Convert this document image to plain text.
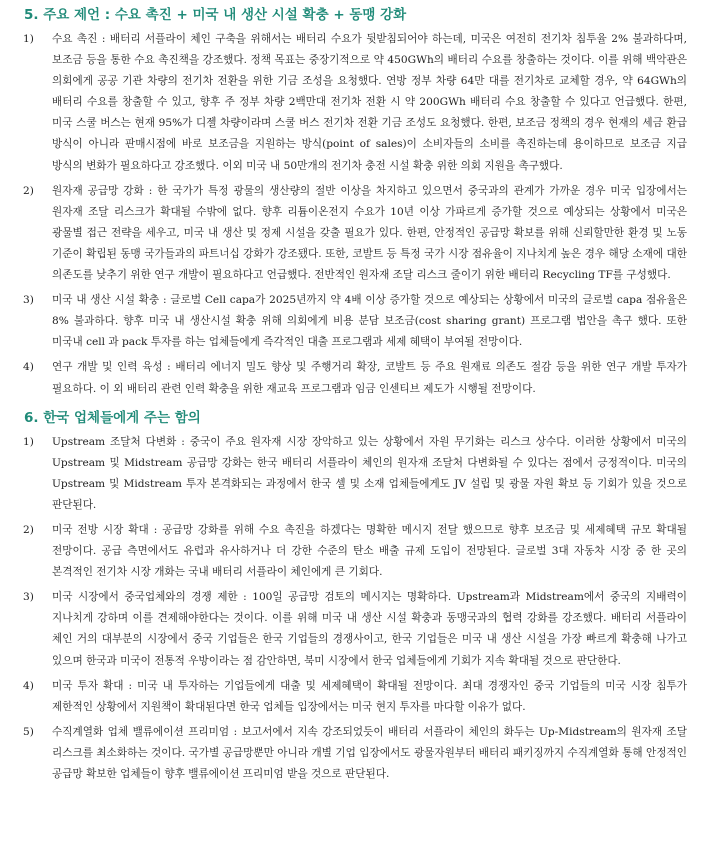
5. 주요 제언 : 수요 촉진 + 미국 내 생산 시설 확충 + 동맹 강화
1)	수요 촉진 : 배터리 서플라이 체인 구축을 위해서는 배터리 수요가 뒷받침되어야 하는데, 미국은 여전히 전기차 침투율 2% 불과하다며, 보조금 등을 통한 수요 촉진책을 강조했다. 정책 목표는 중장기적으로 약 450GWh의 배터리 수요를 창출하는 것이다. 이를 위해 백악관은 의회에게 공공 기관 차량의 전기차 전환을 위한 기금 조성을 요청했다. 연방 정부 차량 64만 대를 전기차로 교체할 경우, 약 64GWh의 배터리 수요를 창출할 수 있고, 향후 주 정부 차량 2백만대 전기차 전환 시 약 200GWh 배터리 수요 창출할 수 있다고 언급했다. 한편, 미국 스쿨 버스는 현재 95%가 디젤 차량이라며 스쿨 버스 전기차 전환 기금 조성도 요청했다. 한편, 보조금 정책의 경우 현재의 세금 환급 방식이 아니라 판매시점에 바로 보조금을 지원하는 방식(point of sales)이 소비자들의 소비를 촉진하는데 용이하므로 보조금 지급 방식의 변화가 필요하다고 강조했다. 이외 미국 내 50만개의 전기차 충전 시설 확충 위한 의회 지원을 촉구했다.
2)	원자재 공급망 강화 : 한 국가가 특정 광물의 생산량의 절반 이상을 차지하고 있으면서 중국과의 관계가 가까운 경우 미국 입장에서는 원자재 조달 리스크가 확대될 수밖에 없다. 향후 리튬이온전지 수요가 10년 이상 가파르게 증가할 것으로 예상되는 상황에서 미국은 광물별 접근 전략을 세우고, 미국 내 생산 및 정제 시설을 갖출 필요가 있다. 한편, 안정적인 공급망 확보를 위해 신뢰할만한 환경 및 노동 기준이 확립된 동맹 국가들과의 파트너십 강화가 강조됐다. 또한, 코발트 등 특정 국가 시장 점유율이 지나치게 높은 경우 해당 소재에 대한 의존도를 낮추기 위한 연구 개발이 필요하다고 언급했다. 전반적인 원자재 조달 리스크 줄이기 위한 배터리 Recycling TF를 구성했다.
3)	미국 내 생산 시설 확충 : 글로벌 Cell capa가 2025년까지 약 4배 이상 증가할 것으로 예상되는 상황에서 미국의 글로벌 capa 점유율은 8% 불과하다. 향후 미국 내 생산시설 확충 위해 의회에게 비용 분담 보조금(cost sharing grant) 프로그램 법안을 촉구 했다. 또한 미국내 cell 과 pack 투자를 하는 업체들에게 즉각적인 대출 프로그램과 세제 혜택이 부여될 전망이다.
4)	연구 개발 및 인력 육성 : 배터리 에너지 밀도 향상 및 주행거리 확장, 코발트 등 주요 원재료 의존도 절감 등을 위한 연구 개발 투자가 필요하다. 이 외 배터리 관련 인력 확충을 위한 재교육 프로그램과 임금 인센티브 제도가 시행될 전망이다.
6. 한국 업체들에게 주는 함의
1)	Upstream 조달처 다변화 : 중국이 주요 원자재 시장 장악하고 있는 상황에서 자원 무기화는 리스크 상수다. 이러한 상황에서 미국의 Upstream 및 Midstream 공급망 강화는 한국 배터리 서플라이 체인의 원자재 조달처 다변화될 수 있다는 점에서 긍정적이다. 미국의 Upstream 및 Midstream 투자 본격화되는 과정에서 한국 셀 및 소재 업체들에게도 JV 설립 및 광물 자원 확보 등 기회가 있을 것으로 판단된다.
2)	미국 전방 시장 확대 : 공급망 강화를 위해 수요 촉진을 하겠다는 명확한 메시지 전달 했으므로 향후 보조금 및 세제혜택 규모 확대될 전망이다. 공급 측면에서도 유럽과 유사하거나 더 강한 수준의 탄소 배출 규제 도입이 전망된다. 글로벌 3대 자동차 시장 중 한 곳의 본격적인 전기차 시장 개화는 국내 배터리 서플라이 체인에게 큰 기회다.
3)	미국 시장에서 중국업체와의 경쟁 제한 : 100일 공급망 검토의 메시지는 명확하다. Upstream과 Midstream에서 중국의 지배력이 지나치게 강하며 이를 견제해야한다는 것이다. 이를 위해 미국 내 생산 시설 확충과 동맹국과의 협력 강화를 강조했다. 배터리 서플라이 체인 거의 대부분의 시장에서 중국 기업들은 한국 기업들의 경쟁사이고, 한국 기업들은 미국 내 생산 시설을 가장 빠르게 확충해 나가고 있으며 한국과 미국이 전통적 우방이라는 점 감안하면, 북미 시장에서 한국 업체들에게 기회가 지속 확대될 것으로 판단한다.
4)	미국 투자 확대 : 미국 내 투자하는 기업들에게 대출 및 세제혜택이 확대될 전망이다. 최대 경쟁자인 중국 기업들의 미국 시장 침투가 제한적인 상황에서 지원책이 확대된다면 한국 업체들 입장에서는 미국 현지 투자를 마다할 이유가 없다.
5)	수직계열화 업체 밸류에이션 프리미엄 : 보고서에서 지속 강조되었듯이 배터리 서플라이 체인의 화두는 Up-Midstream의 원자재 조달 리스크를 최소화하는 것이다. 국가별 공급망뿐만 아니라 개별 기업 입장에서도 광물자원부터 배터리 패키징까지 수직계열화 통해 안정적인 공급망 확보한 업체들이 향후 밸류에이션 프리미엄 받을 것으로 판단된다.
